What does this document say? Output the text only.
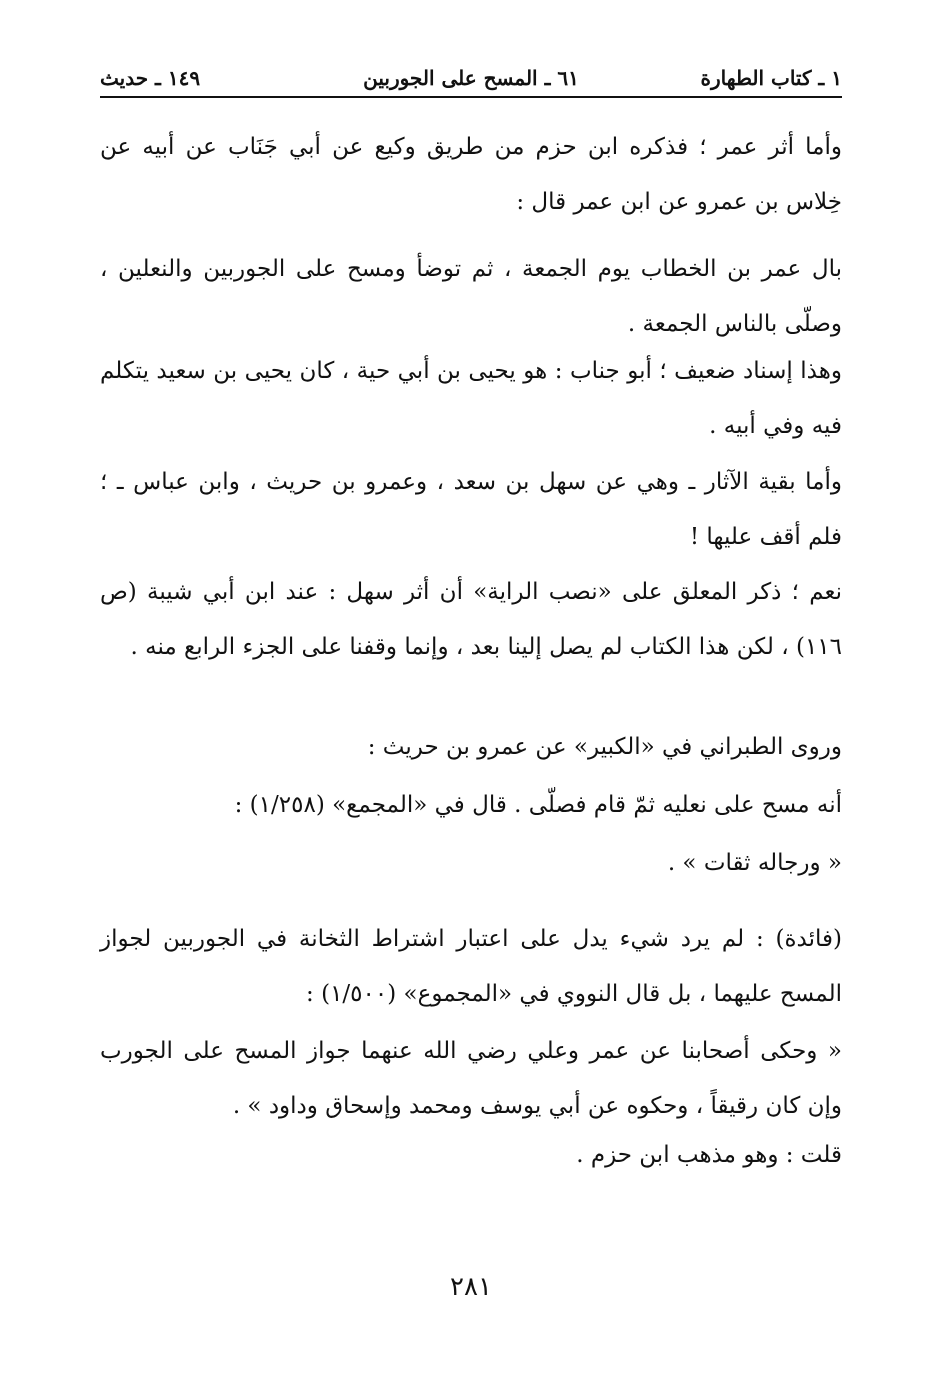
١ ـ كتاب الطهارة
٦١ ـ المسح على الجوربين
١٤٩ ـ حديث

وأما أثر عمر ؛ فذكره ابن حزم من طريق وكيع عن أبي جَنَاب عن أبيه عن خِلاس بن عمرو عن ابن عمر قال :

بال عمر بن الخطاب يوم الجمعة ، ثم توضأ ومسح على الجوربين والنعلين ، وصلّى بالناس الجمعة .

وهذا إسناد ضعيف ؛ أبو جناب : هو يحيى بن أبي حية ، كان يحيى بن سعيد يتكلم فيه وفي أبيه .

وأما بقية الآثار ـ وهي عن سهل بن سعد ، وعمرو بن حريث ، وابن عباس ـ ؛ فلم أقف عليها !

نعم ؛ ذكر المعلق على «نصب الراية» أن أثر سهل : عند ابن أبي شيبة (ص ١١٦) ، لكن هذا الكتاب لم يصل إلينا بعد ، وإنما وقفنا على الجزء الرابع منه .

وروى الطبراني في «الكبير» عن عمرو بن حريث :

أنه مسح على نعليه ثمّ قام فصلّى . قال في «المجمع» (١/٢٥٨) :

« ورجاله ثقات » .

(فائدة) : لم يرد شيء يدل على اعتبار اشتراط الثخانة في الجوربين لجواز المسح عليهما ، بل قال النووي في «المجموع» (١/٥٠٠) :

« وحكى أصحابنا عن عمر وعلي رضي الله عنهما جواز المسح على الجورب وإن كان رقيقاً ، وحكوه عن أبي يوسف ومحمد وإسحاق وداود » .

قلت : وهو مذهب ابن حزم .

٢٨١
